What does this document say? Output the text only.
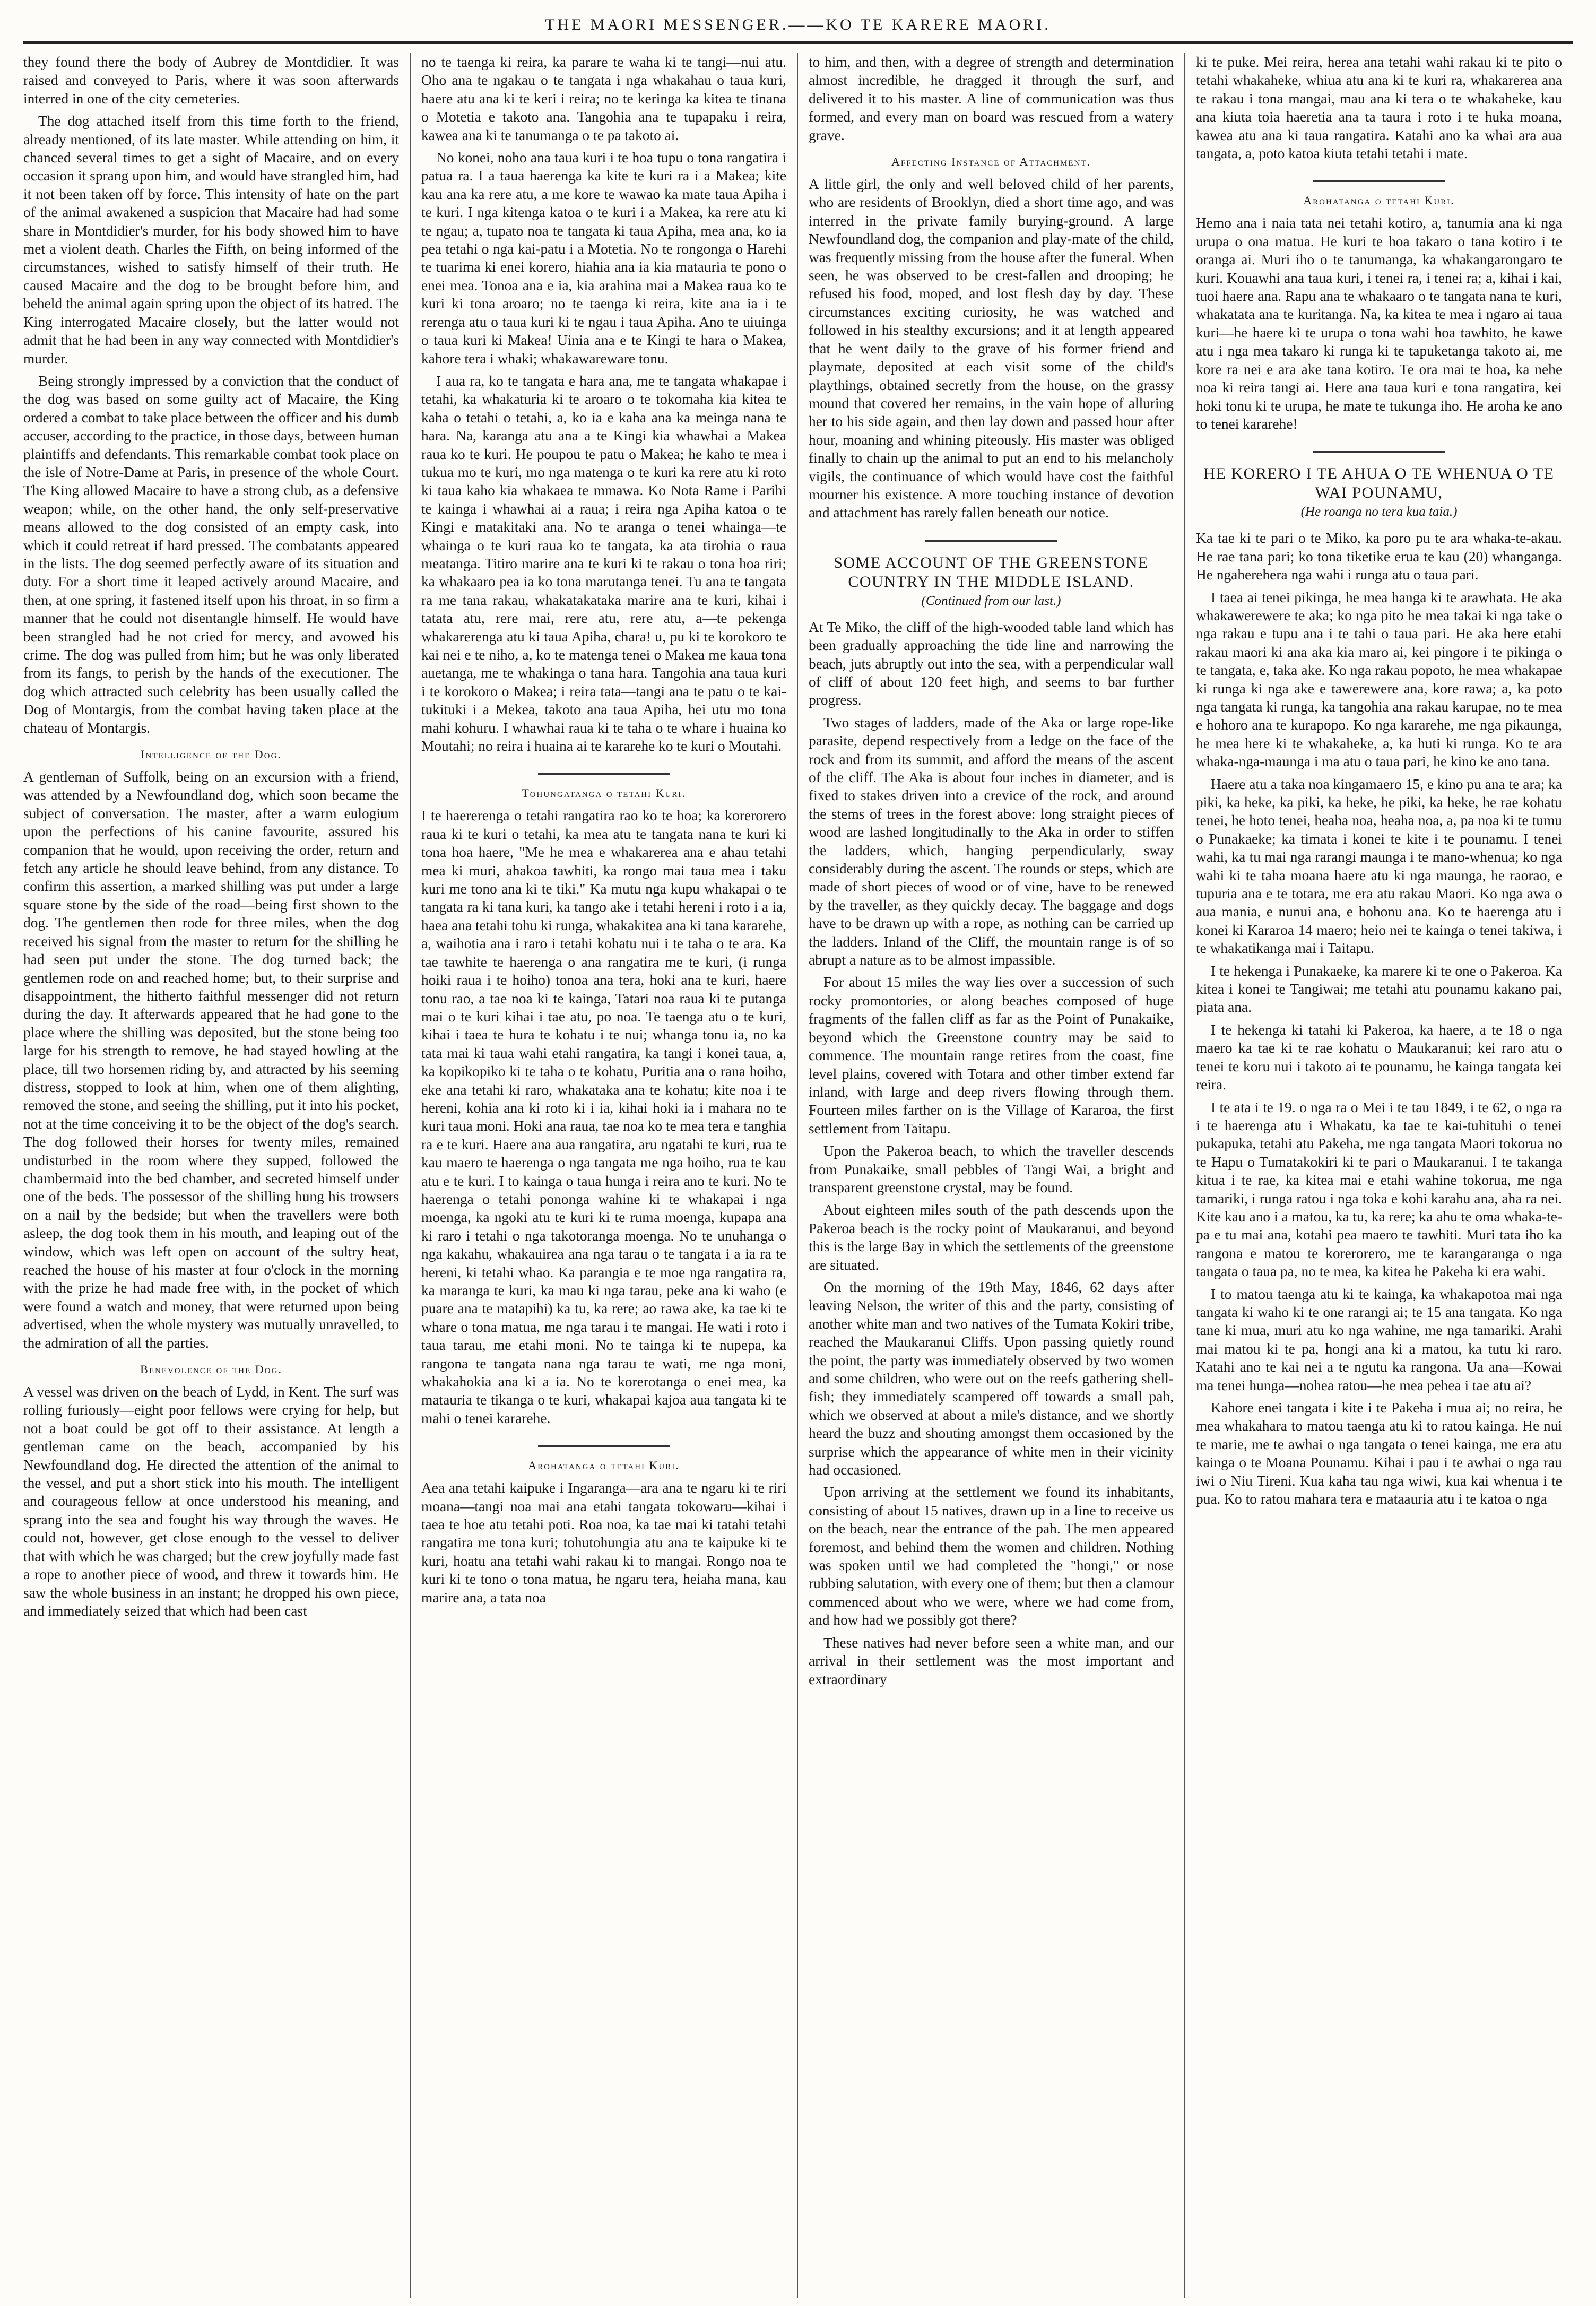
THE MAORI MESSENGER.——KO TE KARERE MAORI.

they found there the body of Aubrey de Montdidier. It was raised and conveyed to Paris, where it was soon afterwards interred in one of the city cemeteries.

The dog attached itself from this time forth to the friend, already mentioned, of its late master. While attending on him, it chanced several times to get a sight of Macaire, and on every occasion it sprang upon him, and would have strangled him, had it not been taken off by force. This intensity of hate on the part of the animal awakened a suspicion that Macaire had had some share in Montdidier's murder, for his body showed him to have met a violent death. Charles the Fifth, on being informed of the circumstances, wished to satisfy himself of their truth. He caused Macaire and the dog to be brought before him, and beheld the animal again spring upon the object of its hatred. The King interrogated Macaire closely, but the latter would not admit that he had been in any way connected with Montdidier's murder.

Being strongly impressed by a conviction that the conduct of the dog was based on some guilty act of Macaire, the King ordered a combat to take place between the officer and his dumb accuser, according to the practice, in those days, between human plaintiffs and defendants. This remarkable combat took place on the isle of Notre-Dame at Paris, in presence of the whole Court. The King allowed Macaire to have a strong club, as a defensive weapon; while, on the other hand, the only self-preservative means allowed to the dog consisted of an empty cask, into which it could retreat if hard pressed. The combatants appeared in the lists. The dog seemed perfectly aware of its situation and duty. For a short time it leaped actively around Macaire, and then, at one spring, it fastened itself upon his throat, in so firm a manner that he could not disentangle himself. He would have been strangled had he not cried for mercy, and avowed his crime. The dog was pulled from him; but he was only liberated from its fangs, to perish by the hands of the executioner. The dog which attracted such celebrity has been usually called the Dog of Montargis, from the combat having taken place at the chateau of Montargis.

Intelligence of the Dog.

A gentleman of Suffolk, being on an excursion with a friend, was attended by a Newfoundland dog, which soon became the subject of conversation. The master, after a warm eulogium upon the perfections of his canine favourite, assured his companion that he would, upon receiving the order, return and fetch any article he should leave behind, from any distance. To confirm this assertion, a marked shilling was put under a large square stone by the side of the road—being first shown to the dog. The gentlemen then rode for three miles, when the dog received his signal from the master to return for the shilling he had seen put under the stone. The dog turned back; the gentlemen rode on and reached home; but, to their surprise and disappointment, the hitherto faithful messenger did not return during the day. It afterwards appeared that he had gone to the place where the shilling was deposited, but the stone being too large for his strength to remove, he had stayed howling at the place, till two horsemen riding by, and attracted by his seeming distress, stopped to look at him, when one of them alighting, removed the stone, and seeing the shilling, put it into his pocket, not at the time conceiving it to be the object of the dog's search. The dog followed their horses for twenty miles, remained undisturbed in the room where they supped, followed the chambermaid into the bed chamber, and secreted himself under one of the beds. The possessor of the shilling hung his trowsers on a nail by the bedside; but when the travellers were both asleep, the dog took them in his mouth, and leaping out of the window, which was left open on account of the sultry heat, reached the house of his master at four o'clock in the morning with the prize he had made free with, in the pocket of which were found a watch and money, that were returned upon being advertised, when the whole mystery was mutually unravelled, to the admiration of all the parties.

Benevolence of the Dog.

A vessel was driven on the beach of Lydd, in Kent. The surf was rolling furiously—eight poor fellows were crying for help, but not a boat could be got off to their assistance. At length a gentleman came on the beach, accompanied by his Newfoundland dog. He directed the attention of the animal to the vessel, and put a short stick into his mouth. The intelligent and courageous fellow at once understood his meaning, and sprang into the sea and fought his way through the waves. He could not, however, get close enough to the vessel to deliver that with which he was charged; but the crew joyfully made fast a rope to another piece of wood, and threw it towards him. He saw the whole business in an instant; he dropped his own piece, and immediately seized that which had been cast

no te taenga ki reira, ka parare te waha ki te tangi—nui atu. Oho ana te ngakau o te tangata i nga whakahau o taua kuri, haere atu ana ki te keri i reira; no te keringa ka kitea te tinana o Motetia e takoto ana. Tangohia ana te tupapaku i reira, kawea ana ki te tanumanga o te pa takoto ai.

No konei, noho ana taua kuri i te hoa tupu o tona rangatira i patua ra. I a taua haerenga ka kite te kuri ra i a Makea; kite kau ana ka rere atu, a me kore te wawao ka mate taua Apiha i te kuri. I nga kitenga katoa o te kuri i a Makea, ka rere atu ki te ngau; a, tupato noa te tangata ki taua Apiha, mea ana, ko ia pea tetahi o nga kai-patu i a Motetia. No te rongonga o Harehi te tuarima ki enei korero, hiahia ana ia kia matauria te pono o enei mea. Tonoa ana e ia, kia arahina mai a Makea raua ko te kuri ki tona aroaro; no te taenga ki reira, kite ana ia i te rerenga atu o taua kuri ki te ngau i taua Apiha. Ano te uiuinga o taua kuri ki Makea! Uinia ana e te Kingi te hara o Makea, kahore tera i whaki; whakawareware tonu.

I aua ra, ko te tangata e hara ana, me te tangata whakapae i tetahi, ka whakaturia ki te aroaro o te tokomaha kia kitea te kaha o tetahi o tetahi, a, ko ia e kaha ana ka meinga nana te hara. Na, karanga atu ana a te Kingi kia whawhai a Makea raua ko te kuri. He poupou te patu o Makea; he kaho te mea i tukua mo te kuri, mo nga matenga o te kuri ka rere atu ki roto ki taua kaho kia whakaea te mmawa. Ko Nota Rame i Parihi te kainga i whawhai ai a raua; i reira nga Apiha katoa o te Kingi e matakitaki ana. No te aranga o tenei whainga—te whainga o te kuri raua ko te tangata, ka ata tirohia o raua meatanga. Titiro marire ana te kuri ki te rakau o tona hoa riri; ka whakaaro pea ia ko tona marutanga tenei. Tu ana te tangata ra me tana rakau, whakatakataka marire ana te kuri, kihai i tatata atu, rere mai, rere atu, rere atu, a—te pekenga whakarerenga atu ki taua Apiha, chara! u, pu ki te korokoro te kai nei e te niho, a, ko te matenga tenei o Makea me kaua tona auetanga, me te whakinga o tana hara. Tangohia ana taua kuri i te korokoro o Makea; i reira tata—tangi ana te patu o te kai-tukituki i a Mekea, takoto ana taua Apiha, hei utu mo tona mahi kohuru. I whawhai raua ki te taha o te whare i huaina ko Moutahi; no reira i huaina ai te kararehe ko te kuri o Moutahi.

Tohungatanga o tetahi Kuri.

I te haererenga o tetahi rangatira rao ko te hoa; ka korerorero raua ki te kuri o tetahi, ka mea atu te tangata nana te kuri ki tona hoa haere, "Me he mea e whakarerea ana e ahau tetahi mea ki muri, ahakoa tawhiti, ka rongo mai taua mea i taku kuri me tono ana ki te tiki." Ka mutu nga kupu whakapai o te tangata ra ki tana kuri, ka tango ake i tetahi hereni i roto i a ia, haea ana tetahi tohu ki runga, whakakitea ana ki tana kararehe, a, waihotia ana i raro i tetahi kohatu nui i te taha o te ara. Ka tae tawhite te haerenga o ana rangatira me te kuri, (i runga hoiki raua i te hoiho) tonoa ana tera, hoki ana te kuri, haere tonu rao, a tae noa ki te kainga, Tatari noa raua ki te putanga mai o te kuri kihai i tae atu, po noa. Te taenga atu o te kuri, kihai i taea te hura te kohatu i te nui; whanga tonu ia, no ka tata mai ki taua wahi etahi rangatira, ka tangi i konei taua, a, ka kopikopiko ki te taha o te kohatu, Puritia ana o rana hoiho, eke ana tetahi ki raro, whakataka ana te kohatu; kite noa i te hereni, kohia ana ki roto ki i ia, kihai hoki ia i mahara no te kuri taua moni. Hoki ana raua, tae noa ko te mea tera e tanghia ra e te kuri. Haere ana aua rangatira, aru ngatahi te kuri, rua te kau maero te haerenga o nga tangata me nga hoiho, rua te kau atu e te kuri. I to kainga o taua hunga i reira ano te kuri. No te haerenga o tetahi pononga wahine ki te whakapai i nga moenga, ka ngoki atu te kuri ki te ruma moenga, kupapa ana ki raro i tetahi o nga takotoranga moenga. No te unuhanga o nga kakahu, whakauirea ana nga tarau o te tangata i a ia ra te hereni, ki tetahi whao. Ka parangia e te moe nga rangatira ra, ka maranga te kuri, ka mau ki nga tarau, peke ana ki waho (e puare ana te matapihi) ka tu, ka rere; ao rawa ake, ka tae ki te whare o tona matua, me nga tarau i te mangai. He wati i roto i taua tarau, me etahi moni. No te tainga ki te nupepa, ka rangona te tangata nana nga tarau te wati, me nga moni, whakahokia ana ki a ia. No te korerotanga o enei mea, ka matauria te tikanga o te kuri, whakapai kajoa aua tangata ki te mahi o tenei kararehe.

Arohatanga o tetahi Kuri.

Aea ana tetahi kaipuke i Ingaranga—ara ana te ngaru ki te riri moana—tangi noa mai ana etahi tangata tokowaru—kihai i taea te hoe atu tetahi poti. Roa noa, ka tae mai ki tatahi tetahi rangatira me tona kuri; tohutohungia atu ana te kaipuke ki te kuri, hoatu ana tetahi wahi rakau ki to mangai. Rongo noa te kuri ki te tono o tona matua, he ngaru tera, heiaha mana, kau marire ana, a tata noa

to him, and then, with a degree of strength and determination almost incredible, he dragged it through the surf, and delivered it to his master. A line of communication was thus formed, and every man on board was rescued from a watery grave.

Affecting Instance of Attachment.

A little girl, the only and well beloved child of her parents, who are residents of Brooklyn, died a short time ago, and was interred in the private family burying-ground. A large Newfoundland dog, the companion and play-mate of the child, was frequently missing from the house after the funeral. When seen, he was observed to be crest-fallen and drooping; he refused his food, moped, and lost flesh day by day. These circumstances exciting curiosity, he was watched and followed in his stealthy excursions; and it at length appeared that he went daily to the grave of his former friend and playmate, deposited at each visit some of the child's playthings, obtained secretly from the house, on the grassy mound that covered her remains, in the vain hope of alluring her to his side again, and then lay down and passed hour after hour, moaning and whining piteously. His master was obliged finally to chain up the animal to put an end to his melancholy vigils, the continuance of which would have cost the faithful mourner his existence. A more touching instance of devotion and attachment has rarely fallen beneath our notice.

SOME ACCOUNT OF THE GREENSTONE COUNTRY IN THE MIDDLE ISLAND.
(Continued from our last.)

At Te Miko, the cliff of the high-wooded table land which has been gradually approaching the tide line and narrowing the beach, juts abruptly out into the sea, with a perpendicular wall of cliff of about 120 feet high, and seems to bar further progress.

Two stages of ladders, made of the Aka or large rope-like parasite, depend respectively from a ledge on the face of the rock and from its summit, and afford the means of the ascent of the cliff. The Aka is about four inches in diameter, and is fixed to stakes driven into a crevice of the rock, and around the stems of trees in the forest above: long straight pieces of wood are lashed longitudinally to the Aka in order to stiffen the ladders, which, hanging perpendicularly, sway considerably during the ascent. The rounds or steps, which are made of short pieces of wood or of vine, have to be renewed by the traveller, as they quickly decay. The baggage and dogs have to be drawn up with a rope, as nothing can be carried up the ladders. Inland of the Cliff, the mountain range is of so abrupt a nature as to be almost impassible.

For about 15 miles the way lies over a succession of such rocky promontories, or along beaches composed of huge fragments of the fallen cliff as far as the Point of Punakaike, beyond which the Greenstone country may be said to commence. The mountain range retires from the coast, fine level plains, covered with Totara and other timber extend far inland, with large and deep rivers flowing through them. Fourteen miles farther on is the Village of Kararoa, the first settlement from Taitapu.

Upon the Pakeroa beach, to which the traveller descends from Punakaike, small pebbles of Tangi Wai, a bright and transparent greenstone crystal, may be found.

About eighteen miles south of the path descends upon the Pakeroa beach is the rocky point of Maukaranui, and beyond this is the large Bay in which the settlements of the greenstone are situated.

On the morning of the 19th May, 1846, 62 days after leaving Nelson, the writer of this and the party, consisting of another white man and two natives of the Tumata Kokiri tribe, reached the Maukaranui Cliffs. Upon passing quietly round the point, the party was immediately observed by two women and some children, who were out on the reefs gathering shell-fish; they immediately scampered off towards a small pah, which we observed at about a mile's distance, and we shortly heard the buzz and shouting amongst them occasioned by the surprise which the appearance of white men in their vicinity had occasioned.

Upon arriving at the settlement we found its inhabitants, consisting of about 15 natives, drawn up in a line to receive us on the beach, near the entrance of the pah. The men appeared foremost, and behind them the women and children. Nothing was spoken until we had completed the "hongi," or nose rubbing salutation, with every one of them; but then a clamour commenced about who we were, where we had come from, and how had we possibly got there?

These natives had never before seen a white man, and our arrival in their settlement was the most important and extraordinary

ki te puke. Mei reira, herea ana tetahi wahi rakau ki te pito o tetahi whakaheke, whiua atu ana ki te kuri ra, whakarerea ana te rakau i tona mangai, mau ana ki tera o te whakaheke, kau ana kiuta toia haeretia ana ta taura i roto i te huka moana, kawea atu ana ki taua rangatira. Katahi ano ka whai ara aua tangata, a, poto katoa kiuta tetahi tetahi i mate.

Arohatanga o tetahi Kuri.

Hemo ana i naia tata nei tetahi kotiro, a, tanumia ana ki nga urupa o ona matua. He kuri te hoa takaro o tana kotiro i te oranga ai. Muri iho o te tanumanga, ka whakangarongaro te kuri. Kouawhi ana taua kuri, i tenei ra, i tenei ra; a, kihai i kai, tuoi haere ana. Rapu ana te whakaaro o te tangata nana te kuri, whakatata ana te kuritanga. Na, ka kitea te mea i ngaro ai taua kuri—he haere ki te urupa o tona wahi hoa tawhito, he kawe atu i nga mea takaro ki runga ki te tapuketanga takoto ai, me kore ra nei e ara ake tana kotiro. Te ora mai te hoa, ka nehe noa ki reira tangi ai. Here ana taua kuri e tona rangatira, kei hoki tonu ki te urupa, he mate te tukunga iho. He aroha ke ano to tenei kararehe!

HE KORERO I TE AHUA O TE WHENUA O TE WAI POUNAMU,
(He roanga no tera kua taia.)

Ka tae ki te pari o te Miko, ka poro pu te ara whaka-te-akau. He rae tana pari; ko tona tiketike erua te kau (20) whanganga. He ngaherehera nga wahi i runga atu o taua pari.

I taea ai tenei pikinga, he mea hanga ki te arawhata. He aka whakawerewere te aka; ko nga pito he mea takai ki nga take o nga rakau e tupu ana i te tahi o taua pari. He aka here etahi rakau maori ki ana aka kia maro ai, kei pingore i te pikinga o te tangata, e, taka ake. Ko nga rakau popoto, he mea whakapae ki runga ki nga ake e tawerewere ana, kore rawa; a, ka poto nga tangata ki runga, ka tangohia ana rakau karupae, no te mea e hohoro ana te kurapopo. Ko nga kararehe, me nga pikaunga, he mea here ki te whakaheke, a, ka huti ki runga. Ko te ara whaka-nga-maunga i ma atu o taua pari, he kino ke ano tana.

Haere atu a taka noa kingamaero 15, e kino pu ana te ara; ka piki, ka heke, ka piki, ka heke, he piki, ka heke, he rae kohatu tenei, he hoto tenei, heaha noa, heaha noa, a, pa noa ki te tumu o Punakaeke; ka timata i konei te kite i te pounamu. I tenei wahi, ka tu mai nga rarangi maunga i te mano-whenua; ko nga wahi ki te taha moana haere atu ki nga maunga, he raorao, e tupuria ana e te totara, me era atu rakau Maori. Ko nga awa o aua mania, e nunui ana, e hohonu ana. Ko te haerenga atu i konei ki Kararoa 14 maero; heio nei te kainga o tenei takiwa, i te whakatikanga mai i Taitapu.

I te hekenga i Punakaeke, ka marere ki te one o Pakeroa. Ka kitea i konei te Tangiwai; me tetahi atu pounamu kakano pai, piata ana.

I te hekenga ki tatahi ki Pakeroa, ka haere, a te 18 o nga maero ka tae ki te rae kohatu o Maukaranui; kei raro atu o tenei te koru nui i takoto ai te pounamu, he kainga tangata kei reira.

I te ata i te 19. o nga ra o Mei i te tau 1849, i te 62, o nga ra i te haerenga atu i Whakatu, ka tae te kai-tuhituhi o tenei pukapuka, tetahi atu Pakeha, me nga tangata Maori tokorua no te Hapu o Tumatakokiri ki te pari o Maukaranui. I te takanga kitua i te rae, ka kitea mai e etahi wahine tokorua, me nga tamariki, i runga ratou i nga toka e kohi karahu ana, aha ra nei. Kite kau ano i a matou, ka tu, ka rere; ka ahu te oma whaka-te-pa e tu mai ana, kotahi pea maero te tawhiti. Muri tata iho ka rangona e matou te korerorero, me te karangaranga o nga tangata o taua pa, no te mea, ka kitea he Pakeha ki era wahi.

I to matou taenga atu ki te kainga, ka whakapotoa mai nga tangata ki waho ki te one rarangi ai; te 15 ana tangata. Ko nga tane ki mua, muri atu ko nga wahine, me nga tamariki. Arahi mai matou ki te pa, hongi ana ki a matou, ka tutu ki raro. Katahi ano te kai nei a te ngutu ka rangona. Ua ana—Kowai ma tenei hunga—nohea ratou—he mea pehea i tae atu ai?

Kahore enei tangata i kite i te Pakeha i mua ai; no reira, he mea whakahara to matou taenga atu ki to ratou kainga. He nui te marie, me te awhai o nga tangata o tenei kainga, me era atu kainga o te Moana Pounamu. Kihai i pau i te awhai o nga rau iwi o Niu Tireni. Kua kaha tau nga wiwi, kua kai whenua i te pua. Ko to ratou mahara tera e mataauria atu i te katoa o nga
